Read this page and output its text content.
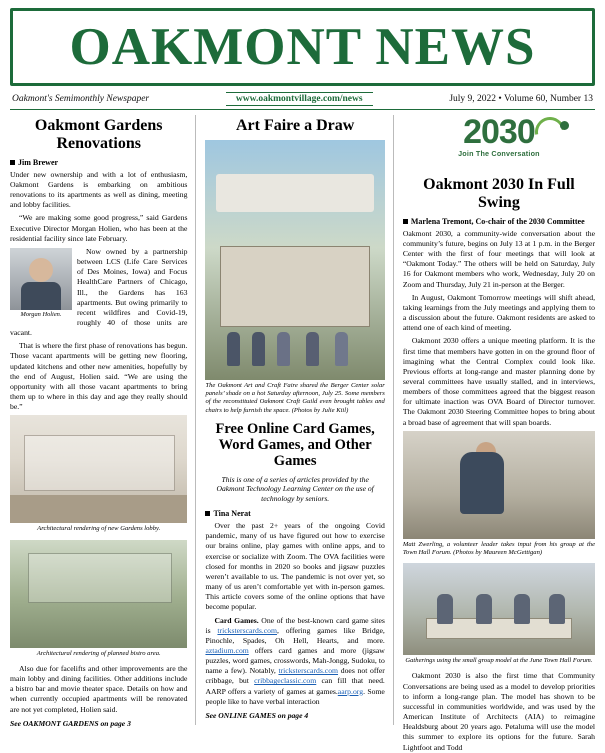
OAKMONT NEWS
Oakmont's Semimonthly Newspaper	www.oakmontvillage.com/news	July 9, 2022 • Volume 60, Number 13
Oakmont Gardens Renovations
Jim Brewer

Under new ownership and with a lot of enthusiasm, Oakmont Gardens is embarking on ambitious renovations to its apartments as well as dining, meeting and lobby facilities.

“We are making some good progress,” said Gardens Executive Director Morgan Holien, who has been at the residential facility since late February.

Morgan Holien.

Now owned by a partnership between LCS (Life Care Services of Des Moines, Iowa) and Focus HealthCare Partners of Chicago, Ill., the Gardens has 163 apartments. But owing primarily to recent wildfires and Covid-19, roughly 40 of those units are vacant.

That is where the first phase of renovations has begun. Those vacant apartments will be getting new flooring, updated kitchens and other new amenities, hopefully by the end of August, Holien said. “We are using the opportunity with all those vacant apartments to bring them up to where in this day and age they really should be.”

Architectural rendering of new Gardens lobby.
Architectural rendering of planned bistro area.

Also due for facelifts and other improvements are the main lobby and dining facilities. Other additions include a bistro bar and movie theater space. Details on how and when currently occupied apartments will be renovated are not yet completed, Holien said.

See OAKMONT GARDENS on page 3
Art Faire a Draw
The Oakmont Art and Craft Faire shared the Berger Center solar panels’ shade on a hot Saturday afternoon, July 25. Some members of the reconstituted Oakmont Craft Guild even brought tables and chairs to help furnish the space. (Photos by Julie Kiil)
Free Online Card Games, Word Games, and Other Games
This is one of a series of articles provided by the Oakmont Technology Learning Center on the use of technology by seniors.
Tina Nerat

Over the past 2+ years of the ongoing Covid pandemic, many of us have figured out how to exercise our brains online, play games with online apps, and to exercise or socialize with Zoom. The OVA facilities were closed for months in 2020 so books and jigsaw puzzles weren’t available to us. The pandemic is not over yet, so many of us aren’t comfortable yet with in-person games. This article covers some of the online options that have become popular.

Card Games. One of the best-known card game sites is tricksterscards.com, offering games like Bridge, Pinochle, Spades, Oh Hell, Hearts, and more. aztadium.com offers card games and more (jigsaw puzzles, word games, crosswords, Mah-Jongg, Sudoku, to name a few). Notably, tricksterscards.com does not offer cribbage, but cribbageclassic.com can fill that need. AARP offers a variety of games at games.aarp.org. Some people like to have verbal interaction

See ONLINE GAMES on page 4
2030
Join The Conversation
Oakmont 2030 In Full Swing
Marlena Tremont, Co-chair of the 2030 Committee

Oakmont 2030, a community-wide conversation about the community’s future, begins on July 13 at 1 p.m. in the Berger Center with the first of four meetings that will look at “Oakmont Today.” The others will be held on Saturday, July 16 for Oakmont members who work, Wednesday, July 20 on Zoom and Thursday, July 21 in-person at the Berger.

In August, Oakmont Tomorrow meetings will shift ahead, taking learnings from the July meetings and applying them to a discussion about the future. Oakmont residents are asked to attend one of each kind of meeting.

Oakmont 2030 offers a unique meeting platform. It is the first time that members have gotten in on the ground floor of imagining what the Central Complex could look like. Previous efforts at long-range and master planning done by several committees have usually stalled, and in interviews, members of those committees agreed that the biggest reason for ultimate inaction was OVA Board of Director turnover. The Oakmont 2030 Steering Committee hopes to bring about a broad base of agreement that will span boards.

Matt Zwerling, a volunteer leader takes input from his group at the Town Hall Forum. (Photos by Maureen McGettigan)
Gatherings using the small group model at the June Town Hall Forum.

Oakmont 2030 is also the first time that Community Conversations are being used as a model to develop priorities to inform a long-range plan. The model has shown to be successful in communities worldwide, and was used by the American Institute of Architects (AIA) to reimagine Healdsburg about 20 years ago. Petaluma will use the model this summer to explore its options for the future. Sarah Lightfoot and Todd
